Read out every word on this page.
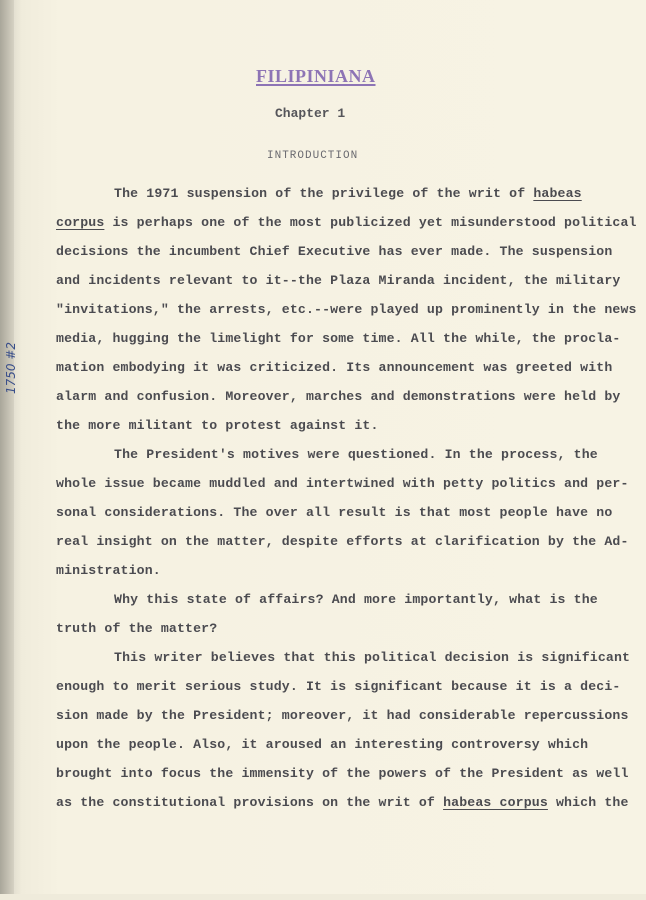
FILIPINIANA
Chapter 1
INTRODUCTION
1750 #2
The 1971 suspension of the privilege of the writ of habeas
corpus is perhaps one of the most publicized yet misunderstood political
decisions the incumbent Chief Executive has ever made. The suspension
and incidents relevant to it--the Plaza Miranda incident, the military
"invitations," the arrests, etc.--were played up prominently in the news
media, hugging the limelight for some time. All the while, the procla-
mation embodying it was criticized. Its announcement was greeted with
alarm and confusion. Moreover, marches and demonstrations were held by
the more militant to protest against it.
The President's motives were questioned. In the process, the
whole issue became muddled and intertwined with petty politics and per-
sonal considerations. The over all result is that most people have no
real insight on the matter, despite efforts at clarification by the Ad-
ministration.
Why this state of affairs? And more importantly, what is the
truth of the matter?
This writer believes that this political decision is significant
enough to merit serious study. It is significant because it is a deci-
sion made by the President; moreover, it had considerable repercussions
upon the people. Also, it aroused an interesting controversy which
brought into focus the immensity of the powers of the President as well
as the constitutional provisions on the writ of habeas corpus which the
